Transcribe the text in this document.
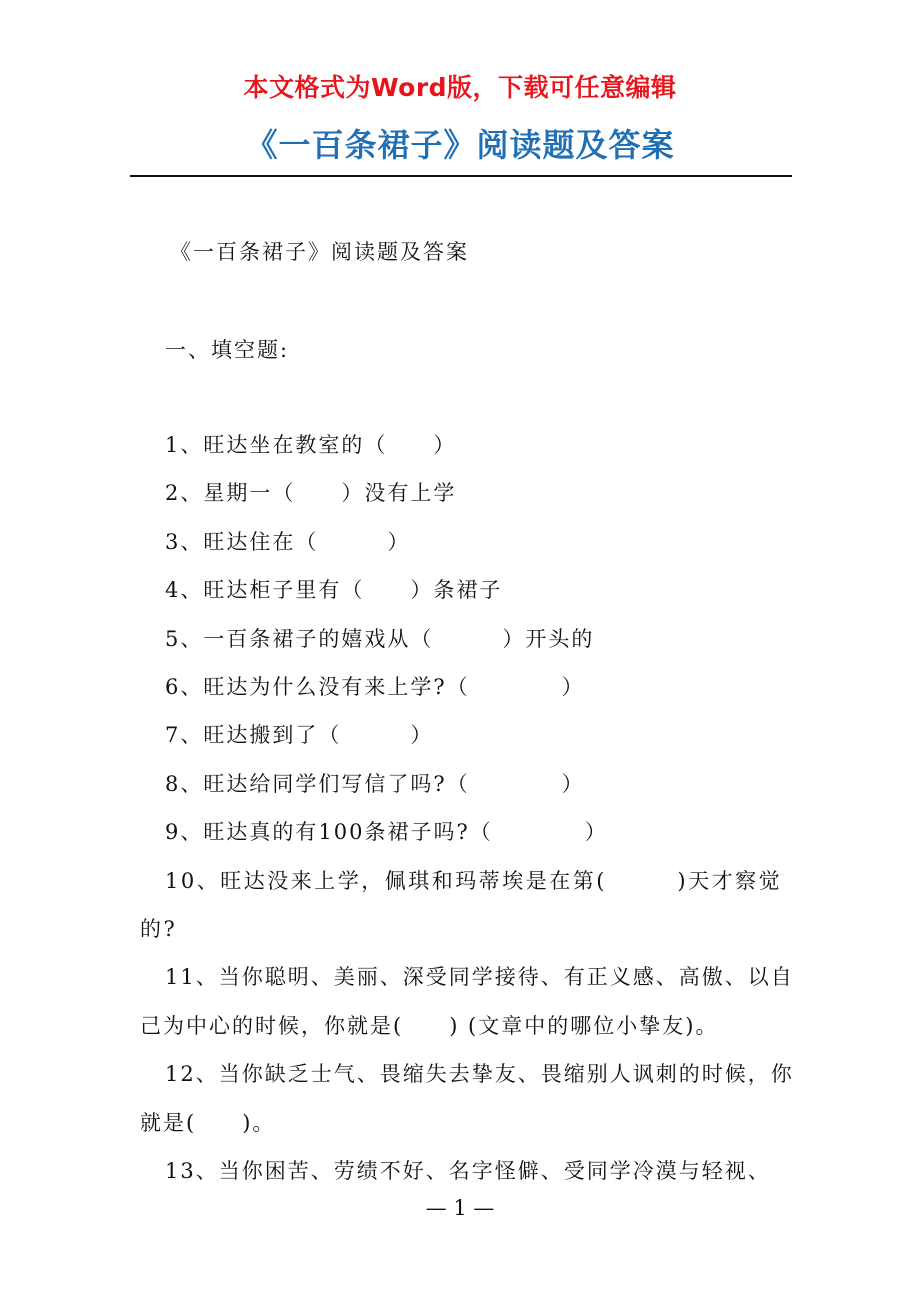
本文格式为Word版，下载可任意编辑
《一百条裙子》阅读题及答案
《一百条裙子》阅读题及答案
一、填空题:
1、旺达坐在教室的（　　）
2、星期一（　　）没有上学
3、旺达住在（　　　）
4、旺达柜子里有（　　）条裙子
5、一百条裙子的嬉戏从（　　　）开头的
6、旺达为什么没有来上学?（　　　　）
7、旺达搬到了（　　　）
8、旺达给同学们写信了吗?（　　　　）
9、旺达真的有100条裙子吗?（　　　　）
10、旺达没来上学，佩琪和玛蒂埃是在第(　　　)天才察觉的?
11、当你聪明、美丽、深受同学接待、有正义感、高傲、以自己为中心的时候，你就是(　　) (文章中的哪位小挚友)。
12、当你缺乏士气、畏缩失去挚友、畏缩别人讽刺的时候，你就是(　　)。
13、当你困苦、劳绩不好、名字怪僻、受同学冷漠与轻视、
— 1 —
